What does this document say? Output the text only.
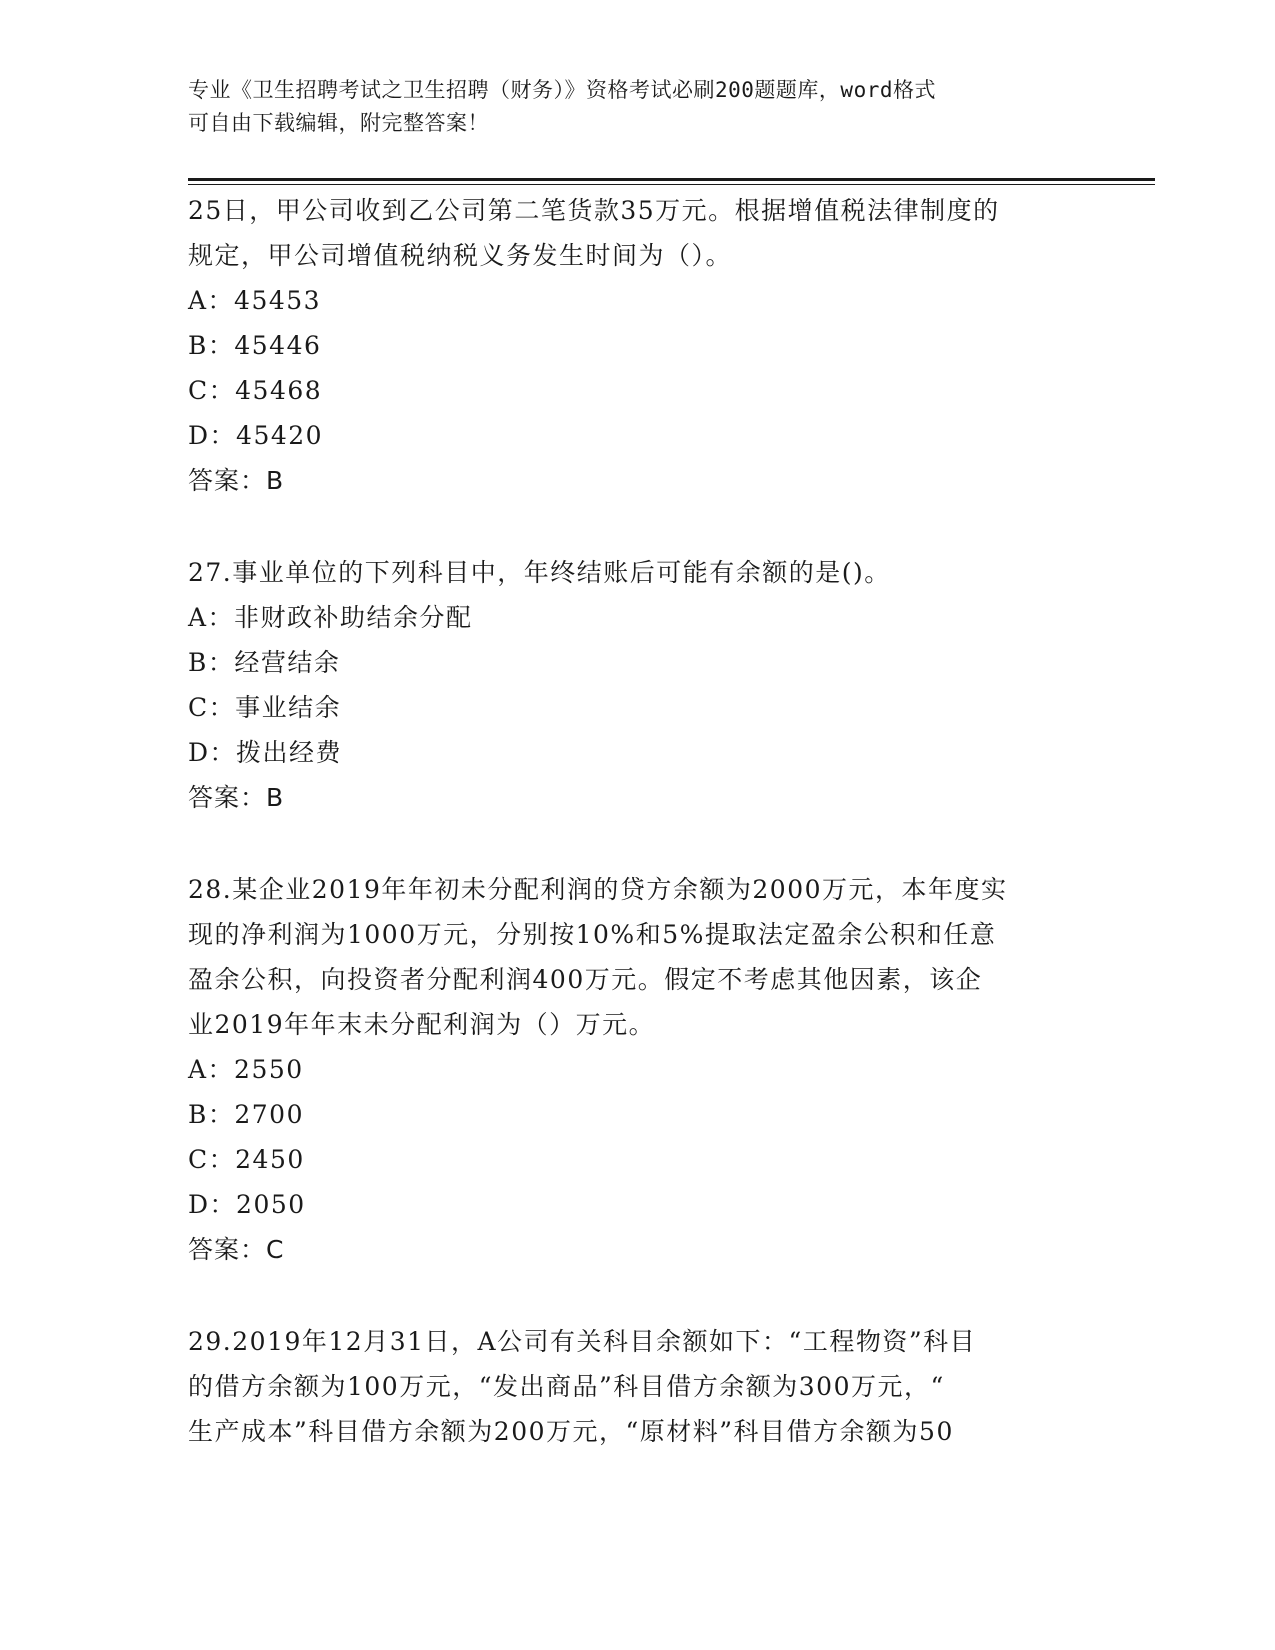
专业《卫生招聘考试之卫生招聘（财务）》资格考试必刷200题题库，word格式
可自由下载编辑，附完整答案！

25日，甲公司收到乙公司第二笔货款35万元。根据增值税法律制度的

规定，甲公司增值税纳税义务发生时间为（）。

A：45453

B：45446

C：45468

D：45420

答案：B

27.事业单位的下列科目中，年终结账后可能有余额的是()。

A：非财政补助结余分配

B：经营结余

C：事业结余

D：拨出经费

答案：B

28.某企业2019年年初未分配利润的贷方余额为2000万元，本年度实

现的净利润为1000万元，分别按10%和5%提取法定盈余公积和任意

盈余公积，向投资者分配利润400万元。假定不考虑其他因素，该企

业2019年年末未分配利润为（）万元。

A：2550

B：2700

C：2450

D：2050

答案：C

29.2019年12月31日，A公司有关科目余额如下：“工程物资”科目

的借方余额为100万元，“发出商品”科目借方余额为300万元，“

生产成本”科目借方余额为200万元，“原材料”科目借方余额为50
